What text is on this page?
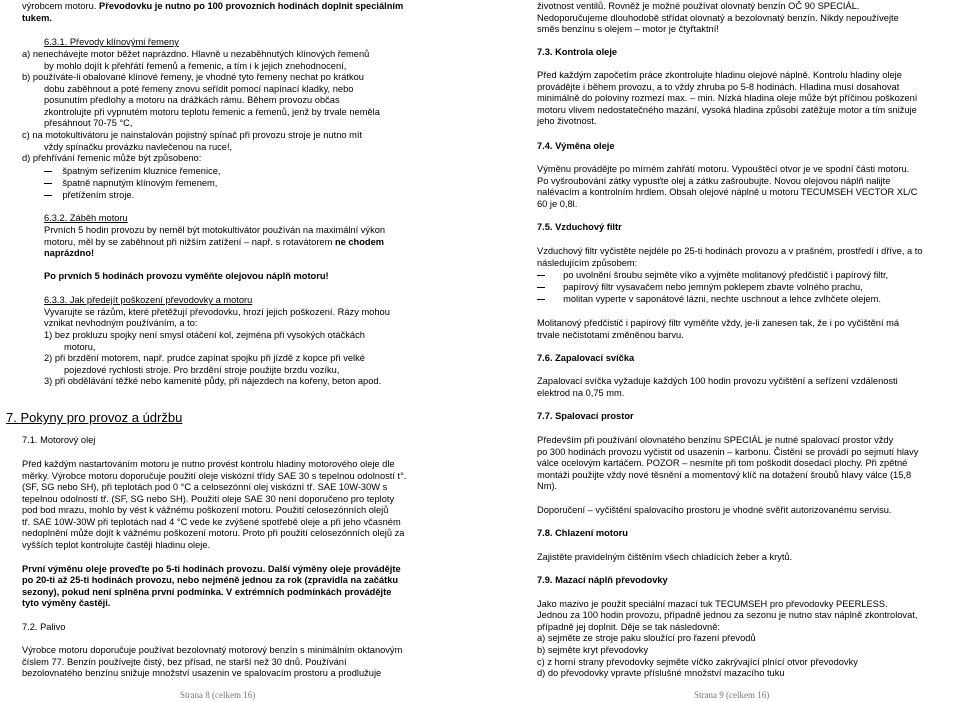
výrobcem motoru. Převodovku je nutno po 100 provozních hodinách doplnit speciálním

tukem.

6.3.1. Převody klínovými řemeny

a) nenechávejte motor běžet naprázdno. Hlavně u nezaběhnutých klínových řemenů

by mohlo dojít k přehřátí řemenů a řemenic, a tím i k jejich znehodnocení,

b) používáte-li obalované klínové řemeny, je vhodné tyto řemeny nechat po krátkou

dobu zaběhnout a poté řemeny znovu seřídit pomocí napínací kladky, nebo

posunutím předlohy a motoru na drážkách rámu. Během provozu občas

zkontrolujte při vypnutém motoru teplotu řemenic a řemenů, jenž by trvale neměla

přesáhnout 70-75 °C,

c) na motokultivátoru je nainstalován pojistný spínač při provozu stroje je nutno mít

vždy spínačku provázku navlečenou na ruce!,

d) přehřívání řemenic může být způsobeno:

špatným seřízením kluznice řemenice,

špatně napnutým klínovým řemenem,

přetížením stroje.

6.3.2. Záběh motoru

Prvních 5 hodin provozu by neměl být motokultivátor používán na maximální výkon

motoru, měl by se zaběhnout při nižším zatížení – např. s rotavátorem ne chodem

naprázdno!

Po prvních 5 hodinách provozu vyměňte olejovou náplň motoru!

6.3.3. Jak předejít poškození převodovky a motoru

Vyvarujte se rázům, které přetěžují převodovku, hrozí jejich poškození. Rázy mohou

vznikat nevhodným používáním, a to:

1) bez prokluzu spojky není smysl otáčení kol, zejména při vysokých otáčkách

motoru,

2) při brzdění motorem, např. prudce zapínat spojku při jízdě z kopce při velké

pojezdové rychlosti stroje. Pro brzdění stroje použijte brzdu vozíku,

3) při obdělávání těžké nebo kamenité půdy, při nájezdech na kořeny, beton apod.

7. Pokyny pro provoz a údržbu

7.1. Motorový olej

Před každým nastartováním motoru je nutno provést kontrolu hladiny motorového oleje dle

měrky. Výrobce motoru doporučuje použití oleje viskózní třídy SAE 30 s tepelnou odolností t°.

(SF, SG nebo SH), při teplotách pod 0 °C a celosezónní olej viskózní tř. SAE 10W-30W s

tepelnou odolností tř. (SF, SG nebo SH). Použití oleje SAE 30 není doporučeno pro teploty

pod bod mrazu, mohlo by vést k vážnému poškození motoru. Použití celosezónních olejů

tř. SAE 10W-30W při teplotách nad 4 °C vede ke zvýšené spotřebě oleje a při jeho včasném

nedoplnění může dojít k vážnému poškození motoru. Proto při použití celosezónních olejů za

vyšších teplot kontrolujte častěji hladinu oleje.

První výměnu oleje proveďte po 5-ti hodinách provozu. Další výměny oleje provádějte

po 20-ti až 25-ti hodinách provozu, nebo nejméně jednou za rok (zpravidla na začátku

sezony), pokud není splněna první podmínka. V extrémních podmínkách provádějte

tyto výměny častěji.

7.2. Palivo

Výrobce motoru doporučuje používat bezolovnatý motorový benzín s minimálním oktanovým

číslem 77. Benzín používejte čistý, bez přísad, ne starší než 30 dnů. Používání

bezolovnatého benzínu snižuje množství usazenin ve spalovacím prostoru a prodlužuje

Strana 8 (celkem 16)

životnost ventilů. Rovněž je možné používat olovnatý benzín OČ 90 SPECIÁL.

Nedoporučujeme dlouhodobě střídat olovnatý a bezolovnatý benzín. Nikdy nepoužívejte

směs benzínu s olejem – motor je čtyřtaktní!

7.3. Kontrola oleje

Před každým započetím práce zkontrolujte hladinu olejové náplně. Kontrolu hladiny oleje

provádějte i během provozu, a to vždy zhruba po 5-8 hodinách. Hladina musí dosahovat

minimálně do poloviny rozmezí max. – min. Nízká hladina oleje může být příčinou poškození

motoru vlivem nedostatečného mazání, vysoká hladina způsobí zatěžuje motor a tím snižuje

jeho životnost.

7.4. Výměna oleje

Výměnu provádějte po mírném zahřátí motoru. Vypouštěcí otvor je ve spodní části motoru.

Po vyšroubování zátky vypusťte olej a zátku zašroubujte. Novou olejovou náplň nalijte

nalévacím a kontrolním hrdlem. Obsah olejové náplně u motoru TECUMSEH VECTOR XL/C

60 je 0,8l.

7.5. Vzduchový filtr

Vzduchový filtr vyčistěte nejdéle po 25-ti hodinách provozu a v prašném, prostředí i dříve, a to

následujícím způsobem:

po uvolnění šroubu sejměte víko a vyjměte molitanový předčistič i papírový filtr,

papírový filtr vysavačem nebo jemným poklepem zbavte volného prachu,

molitan vyperte v saponátové lázni, nechte uschnout a lehce zvlhčete olejem.

Molitanový předčistič i papírový filtr vyměňte vždy, je-li zanesen tak, že i po vyčištění má

trvale nečistotami změněnou barvu.

7.6. Zapalovací svíčka

Zapalovací svíčka vyžaduje každých 100 hodin provozu vyčištění a seřízení vzdálenosti

elektrod na 0,75 mm.

7.7. Spalovací prostor

Především při používání olovnatého benzínu SPECIÁL je nutné spalovací prostor vždy

po 300 hodinách provozu vyčistit od usazenin – karbonu. Čistění se provádí po sejmutí hlavy

válce ocelovým kartáčem. POZOR – nesmíte při tom poškodit dosedací plochy. Při zpětné

montáži použijte vždy nové těsnění a momentový klíč na dotažení šroubů hlavy válce (15,8

Nm).

Doporučení – vyčištění spalovacího prostoru je vhodné svěřit autorizovanému servisu.

7.8. Chlazení motoru

Zajistěte pravidelným čištěním všech chladících žeber a krytů.

7.9. Mazací náplň převodovky

Jako mazivo je použit speciální mazací tuk TECUMSEH pro převodovky PEERLESS.

Jednou za 100 hodin provozu, případně jednou za sezonu je nutno stav náplně zkontrolovat,

případně jej doplnit. Děje se tak následovně:

a) sejměte ze stroje paku sloužící pro řazení převodů

b) sejměte kryt převodovky

c) z horní strany převodovky sejměte víčko zakrývající plnící otvor převodovky

d) do převodovky vpravte příslušné množství mazacího tuku

Strana 9 (celkem 16)
